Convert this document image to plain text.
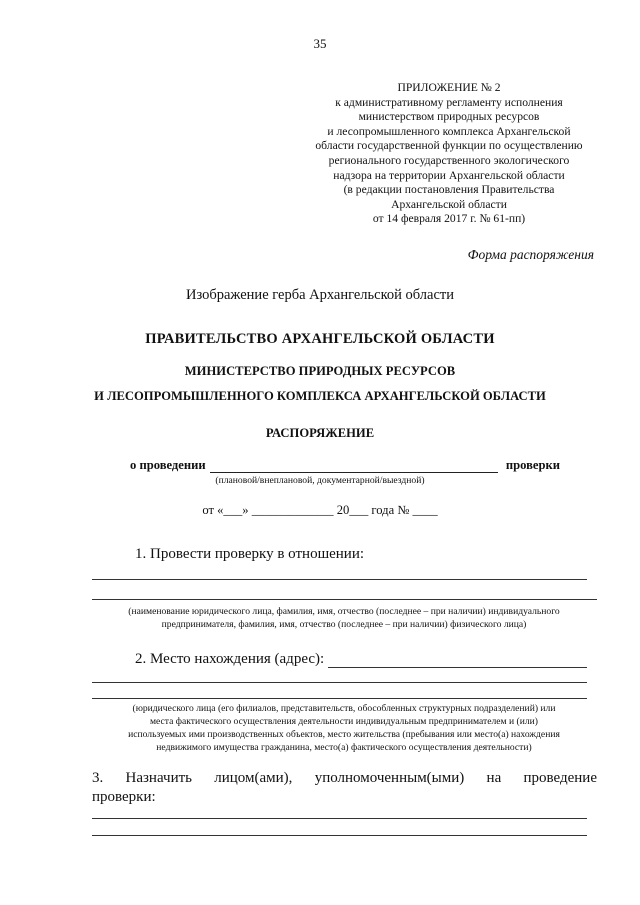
35
ПРИЛОЖЕНИЕ № 2
к административному регламенту исполнения
министерством природных ресурсов
и лесопромышленного комплекса Архангельской
области государственной функции по осуществлению
регионального государственного экологического
надзора на территории Архангельской области
(в редакции постановления Правительства
Архангельской области
от 14 февраля 2017 г. № 61-пп)
Форма распоряжения
Изображение герба Архангельской области
ПРАВИТЕЛЬСТВО АРХАНГЕЛЬСКОЙ ОБЛАСТИ
МИНИСТЕРСТВО ПРИРОДНЫХ РЕСУРСОВ
И ЛЕСОПРОМЫШЛЕННОГО КОМПЛЕКСА АРХАНГЕЛЬСКОЙ ОБЛАСТИ
РАСПОРЯЖЕНИЕ
о проведении	проверки
(плановой/внеплановой, документарной/выездной)
от «___» _____________ 20___ года № ____
1. Провести проверку в отношении:
(наименование юридического лица, фамилия, имя, отчество (последнее – при наличии) индивидуального
предпринимателя, фамилия, имя, отчество (последнее – при наличии) физического лица)
2. Место нахождения (адрес):
(юридического лица (его филиалов, представительств, обособленных структурных подразделений) или
места фактического осуществления деятельности индивидуальным предпринимателем и (или)
используемых ими производственных объектов, место жительства (пребывания или место(а) нахождения
недвижимого имущества гражданина, место(а) фактического осуществления деятельности)
3. Назначить лицом(ами), уполномоченным(ыми) на проведение
проверки:
